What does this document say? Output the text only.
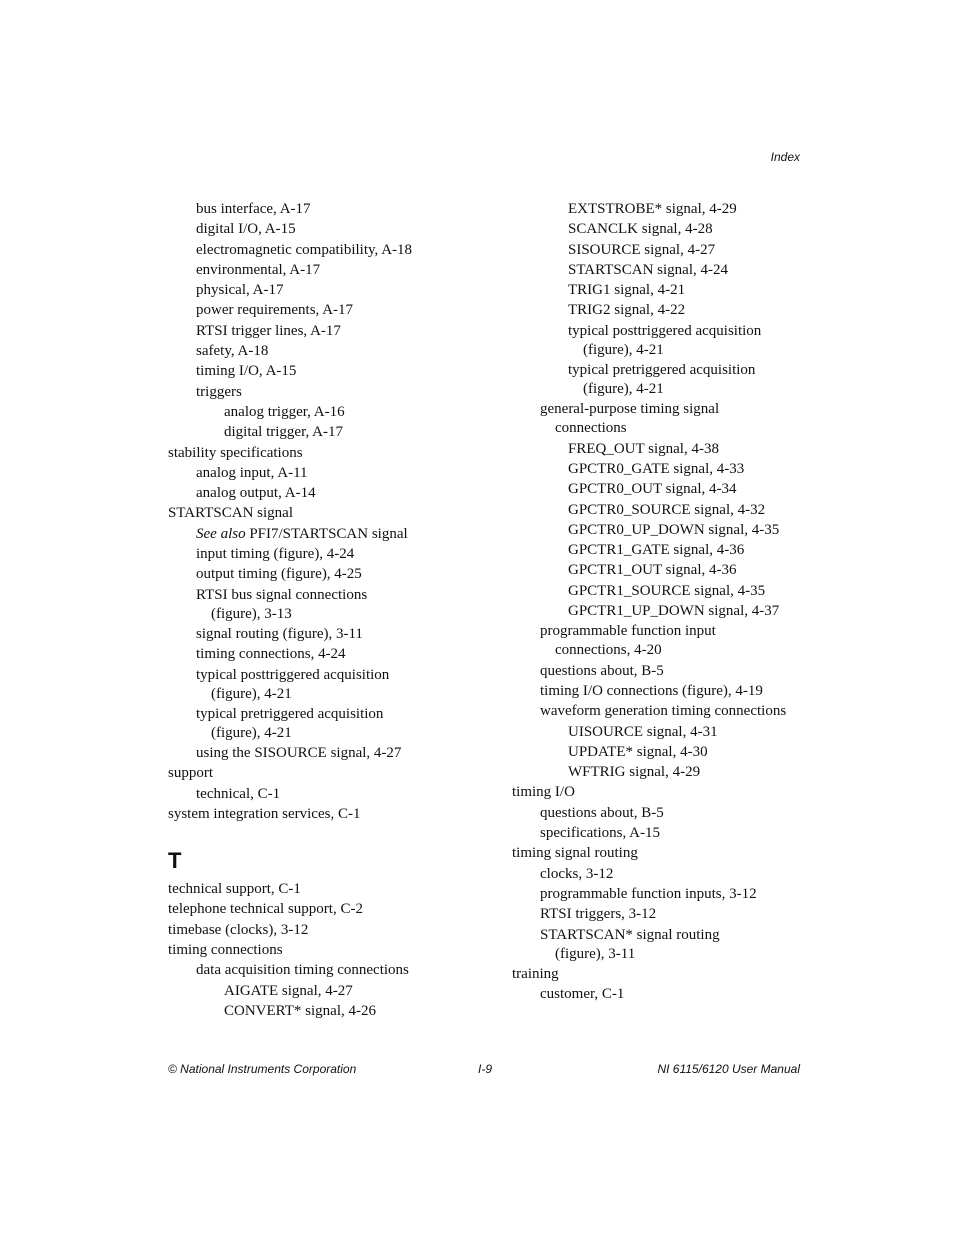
Index
bus interface, A-17
digital I/O, A-15
electromagnetic compatibility, A-18
environmental, A-17
physical, A-17
power requirements, A-17
RTSI trigger lines, A-17
safety, A-18
timing I/O, A-15
triggers
analog trigger, A-16
digital trigger, A-17
stability specifications
analog input, A-11
analog output, A-14
STARTSCAN signal
See also PFI7/STARTSCAN signal
input timing (figure), 4-24
output timing (figure), 4-25
RTSI bus signal connections
(figure), 3-13
signal routing (figure), 3-11
timing connections, 4-24
typical posttriggered acquisition
(figure), 4-21
typical pretriggered acquisition
(figure), 4-21
using the SISOURCE signal, 4-27
support
technical, C-1
system integration services, C-1
T
technical support, C-1
telephone technical support, C-2
timebase (clocks), 3-12
timing connections
data acquisition timing connections
AIGATE signal, 4-27
CONVERT* signal, 4-26
EXTSTROBE* signal, 4-29
SCANCLK signal, 4-28
SISOURCE signal, 4-27
STARTSCAN signal, 4-24
TRIG1 signal, 4-21
TRIG2 signal, 4-22
typical posttriggered acquisition
(figure), 4-21
typical pretriggered acquisition
(figure), 4-21
general-purpose timing signal
connections
FREQ_OUT signal, 4-38
GPCTR0_GATE signal, 4-33
GPCTR0_OUT signal, 4-34
GPCTR0_SOURCE signal, 4-32
GPCTR0_UP_DOWN signal, 4-35
GPCTR1_GATE signal, 4-36
GPCTR1_OUT signal, 4-36
GPCTR1_SOURCE signal, 4-35
GPCTR1_UP_DOWN signal, 4-37
programmable function input
connections, 4-20
questions about, B-5
timing I/O connections (figure), 4-19
waveform generation timing connections
UISOURCE signal, 4-31
UPDATE* signal, 4-30
WFTRIG signal, 4-29
timing I/O
questions about, B-5
specifications, A-15
timing signal routing
clocks, 3-12
programmable function inputs, 3-12
RTSI triggers, 3-12
STARTSCAN* signal routing
(figure), 3-11
training
customer, C-1
© National Instruments Corporation	I-9	NI 6115/6120 User Manual
